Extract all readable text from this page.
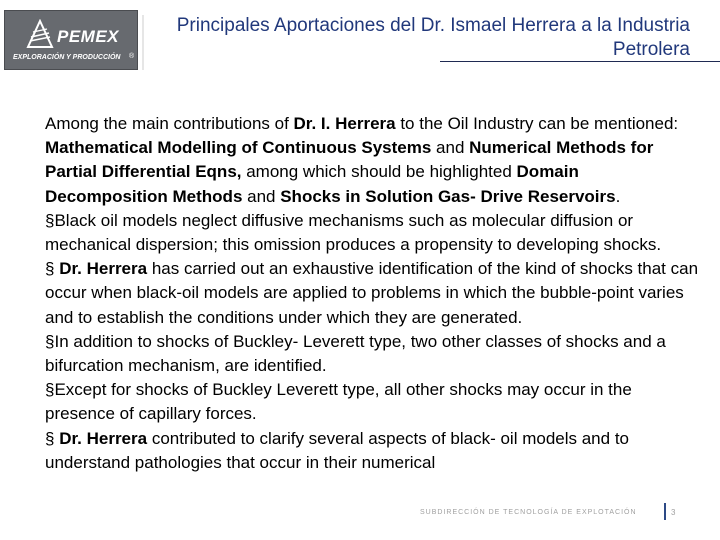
PEMEX
EXPLORACIÓN Y PRODUCCIÓN ®
Principales Aportaciones del Dr. Ismael Herrera a la Industria Petrolera

Among the main contributions of Dr. I. Herrera to the Oil Industry can be mentioned: Mathematical Modelling of Continuous Systems and Numerical Methods for Partial Differential Eqns, among which should be highlighted Domain Decomposition Methods and Shocks in Solution Gas- Drive Reservoirs.

§Black oil models neglect diffusive mechanisms such as molecular diffusion or mechanical dispersion; this omission produces a propensity to developing shocks.

§ Dr. Herrera has carried out an exhaustive identification of the kind of shocks that can occur when black-oil models are applied to problems in which the bubble-point varies and to establish the conditions under which they are generated.

§In addition to shocks of Buckley- Leverett type, two other classes of shocks and a bifurcation mechanism, are identified.

§Except for shocks of Buckley Leverett type, all other shocks may occur in the presence of capillary forces.

§ Dr. Herrera contributed to clarify several aspects of black- oil models and to understand pathologies that occur in their numerical

SUBDIRECCIÓN DE TECNOLOGÍA DE EXPLOTACIÓN	3
